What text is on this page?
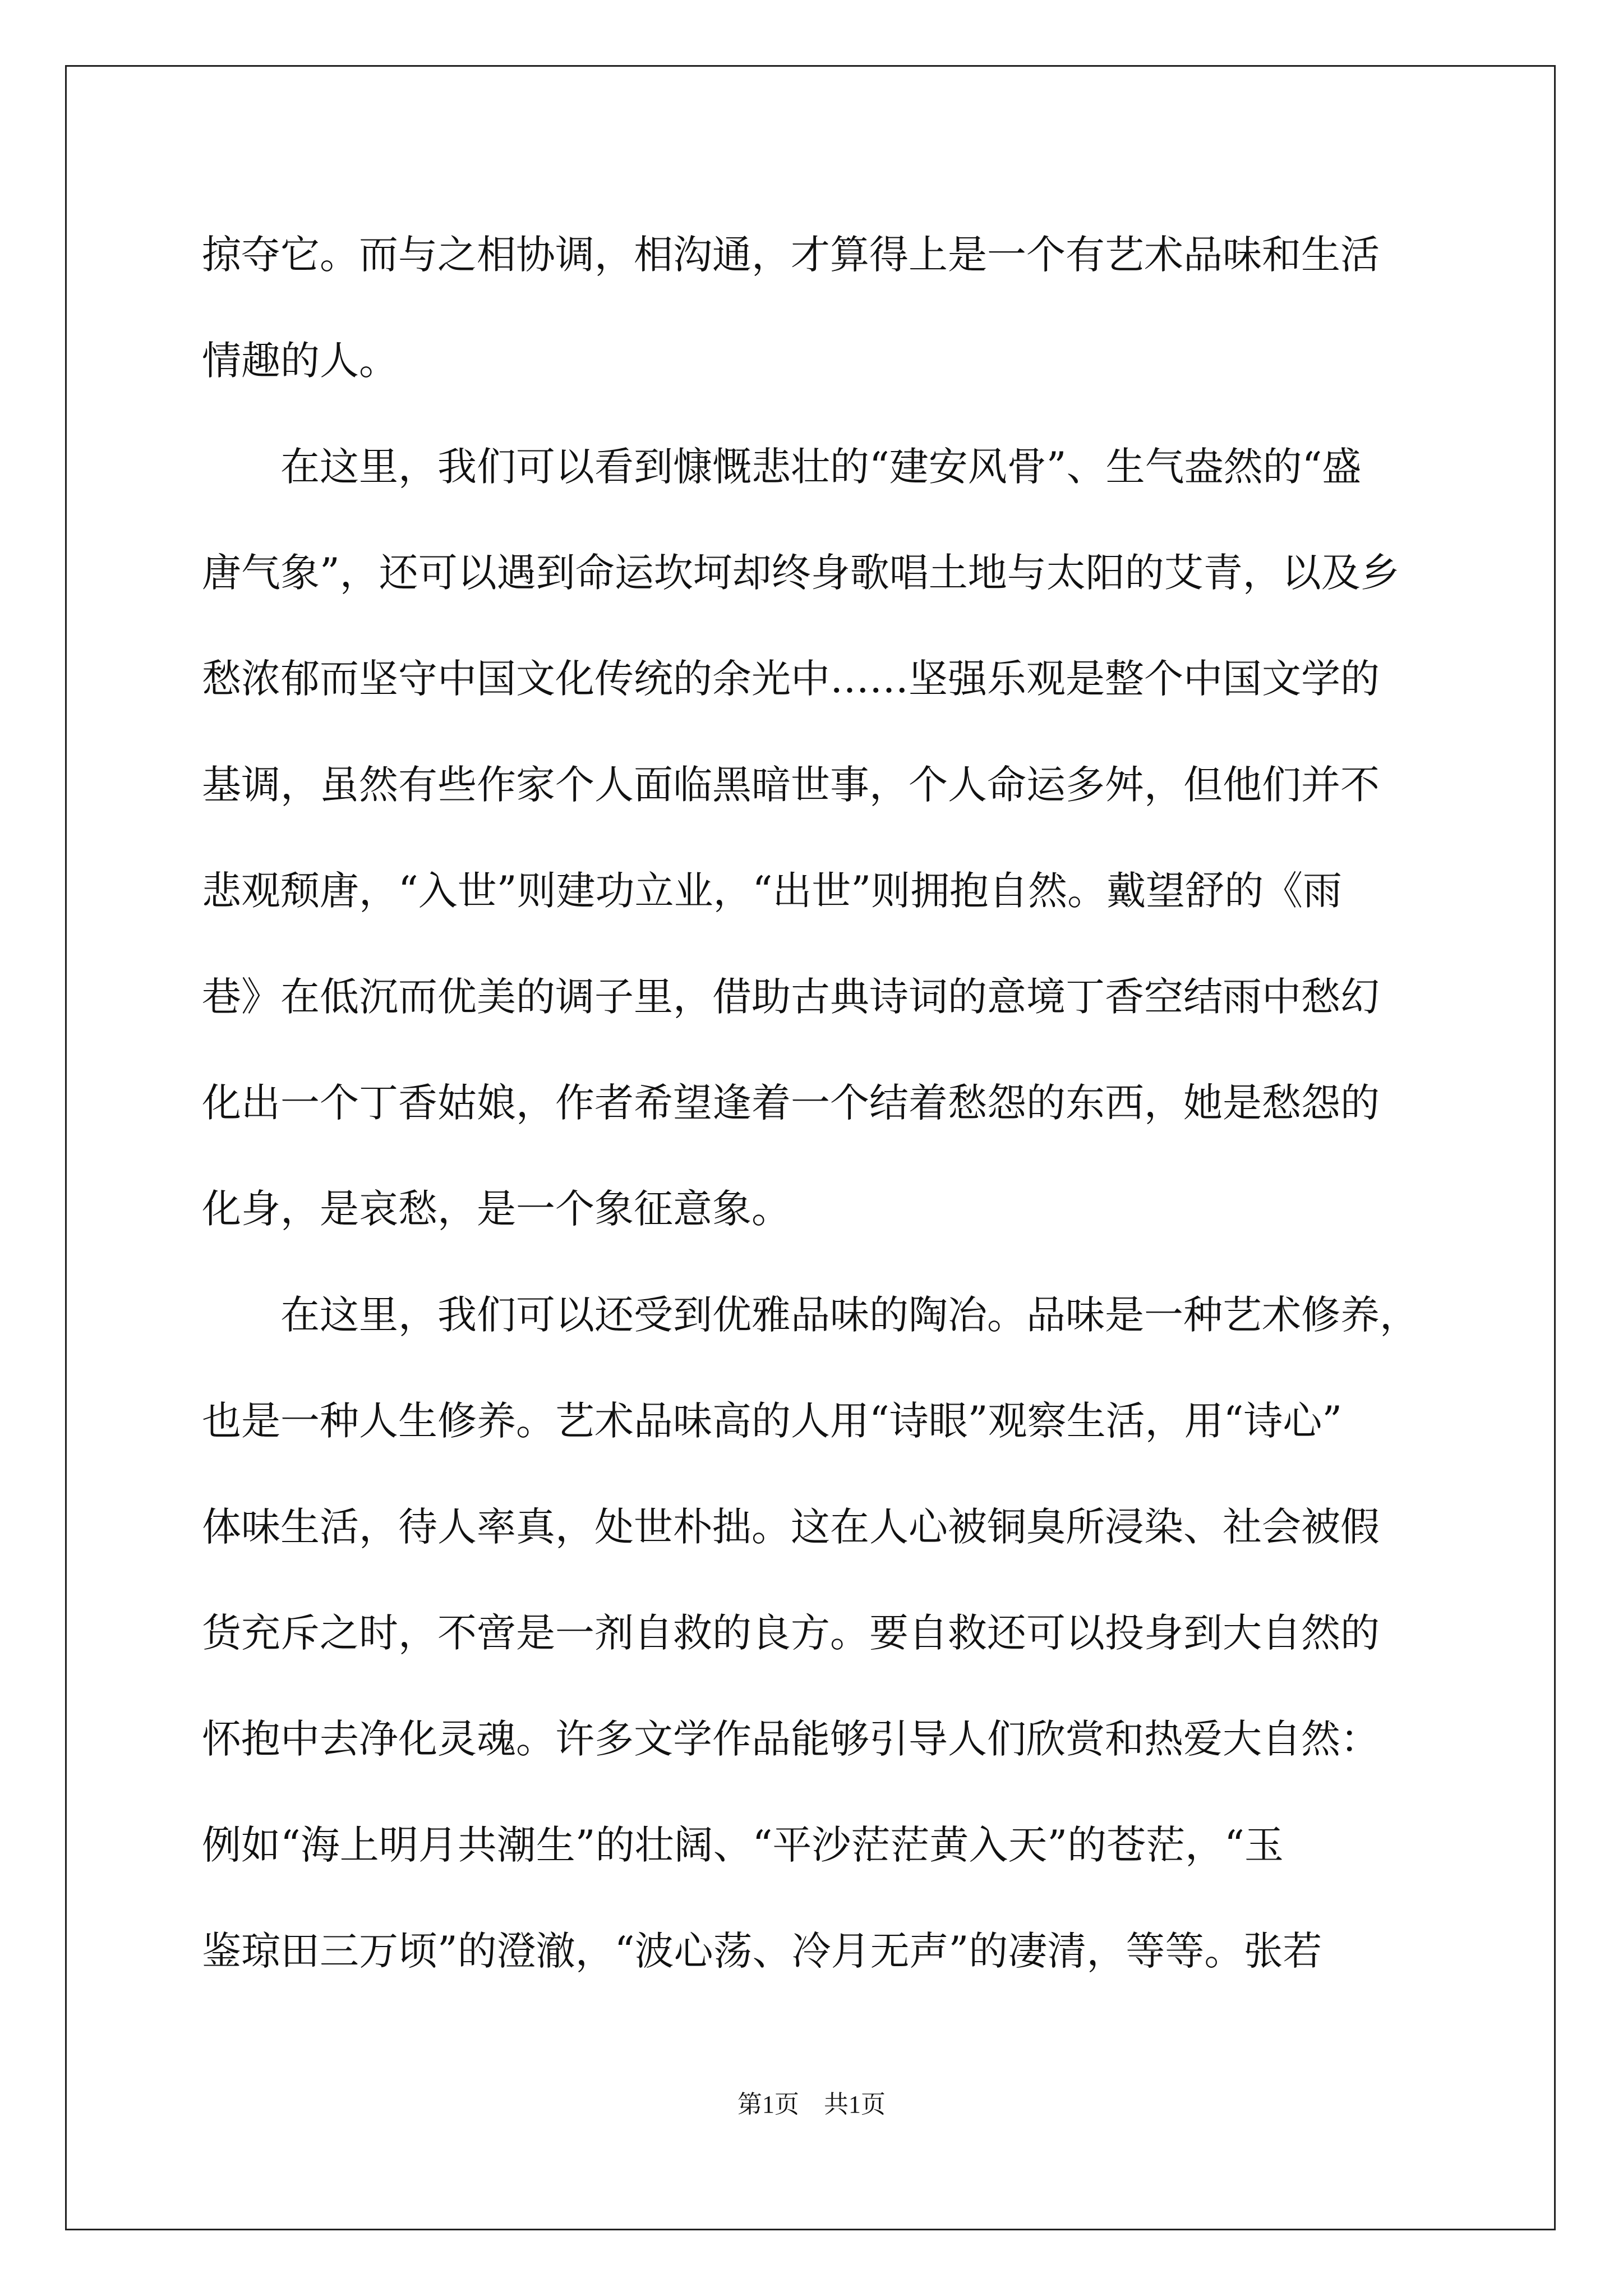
掠夺它。而与之相协调，相沟通，才算得上是一个有艺术品味和生活
情趣的人。
在这里，我们可以看到慷慨悲壮的“建安风骨”、生气盎然的“盛
唐气象”，还可以遇到命运坎坷却终身歌唱土地与太阳的艾青，以及乡
愁浓郁而坚守中国文化传统的余光中……坚强乐观是整个中国文学的
基调，虽然有些作家个人面临黑暗世事，个人命运多舛，但他们并不
悲观颓唐，“入世”则建功立业，“出世”则拥抱自然。戴望舒的《雨
巷》在低沉而优美的调子里，借助古典诗词的意境丁香空结雨中愁幻
化出一个丁香姑娘，作者希望逢着一个结着愁怨的东西，她是愁怨的
化身，是哀愁，是一个象征意象。
在这里，我们可以还受到优雅品味的陶冶。品味是一种艺术修养，
也是一种人生修养。艺术品味高的人用“诗眼”观察生活，用“诗心”
体味生活，待人率真，处世朴拙。这在人心被铜臭所浸染、社会被假
货充斥之时，不啻是一剂自救的良方。要自救还可以投身到大自然的
怀抱中去净化灵魂。许多文学作品能够引导人们欣赏和热爱大自然：
例如“海上明月共潮生”的壮阔、“平沙茫茫黄入天”的苍茫，“玉
鉴琼田三万顷”的澄澈，“波心荡、冷月无声”的凄清，等等。张若
第1页　共1页
